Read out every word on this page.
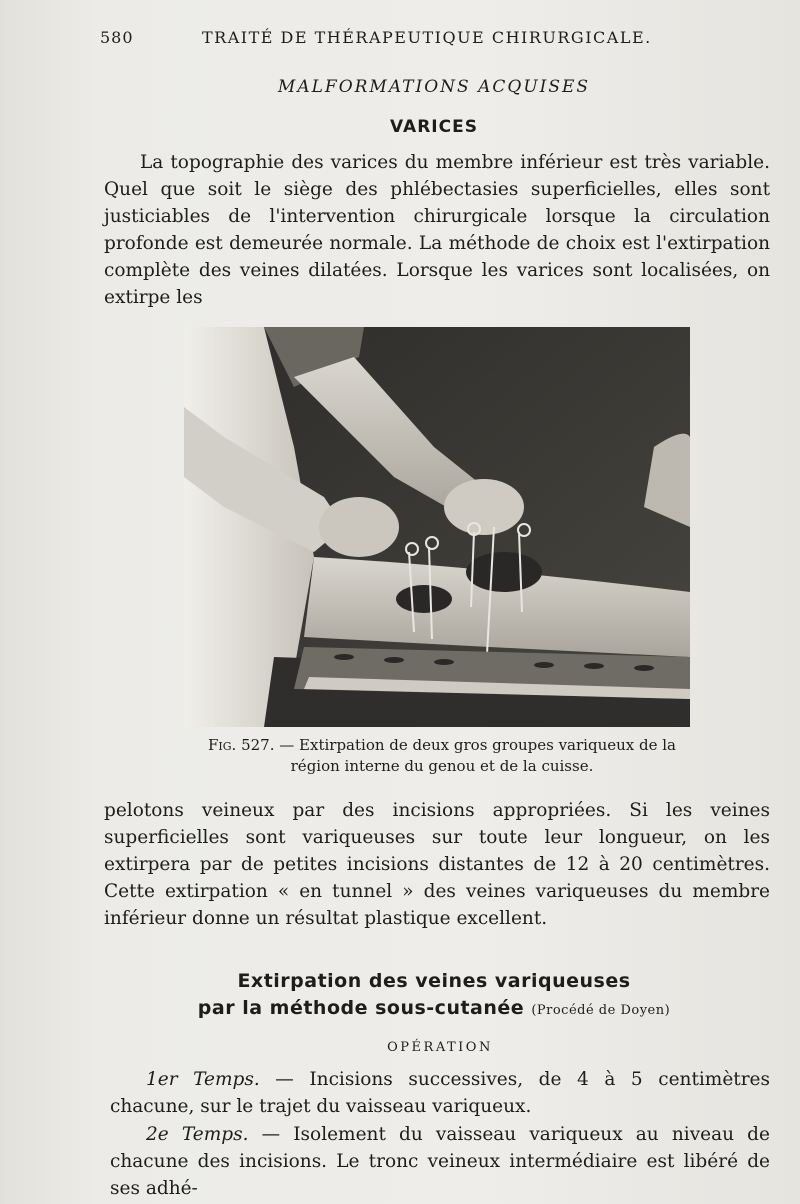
580	TRAITÉ DE THÉRAPEUTIQUE CHIRURGICALE.
MALFORMATIONS ACQUISES
VARICES
La topographie des varices du membre inférieur est très variable. Quel que soit le siège des phlébectasies superficielles, elles sont justiciables de l'intervention chirurgicale lorsque la circulation profonde est demeurée normale. La méthode de choix est l'extirpation complète des veines dilatées. Lorsque les varices sont localisées, on extirpe les
Fig. 527. — Extirpation de deux gros groupes variqueux de la région interne du genou et de la cuisse.
pelotons veineux par des incisions appropriées. Si les veines superficielles sont variqueuses sur toute leur longueur, on les extirpera par de petites incisions distantes de 12 à 20 centimètres. Cette extirpation « en tunnel » des veines variqueuses du membre inférieur donne un résultat plastique excellent.
Extirpation des veines variqueuses
par la méthode sous-cutanée (Procédé de Doyen)
OPÉRATION
1er Temps. — Incisions successives, de 4 à 5 centimètres chacune, sur le trajet du vaisseau variqueux.
2e Temps. — Isolement du vaisseau variqueux au niveau de chacune des incisions. Le tronc veineux intermédiaire est libéré de ses adhé-
